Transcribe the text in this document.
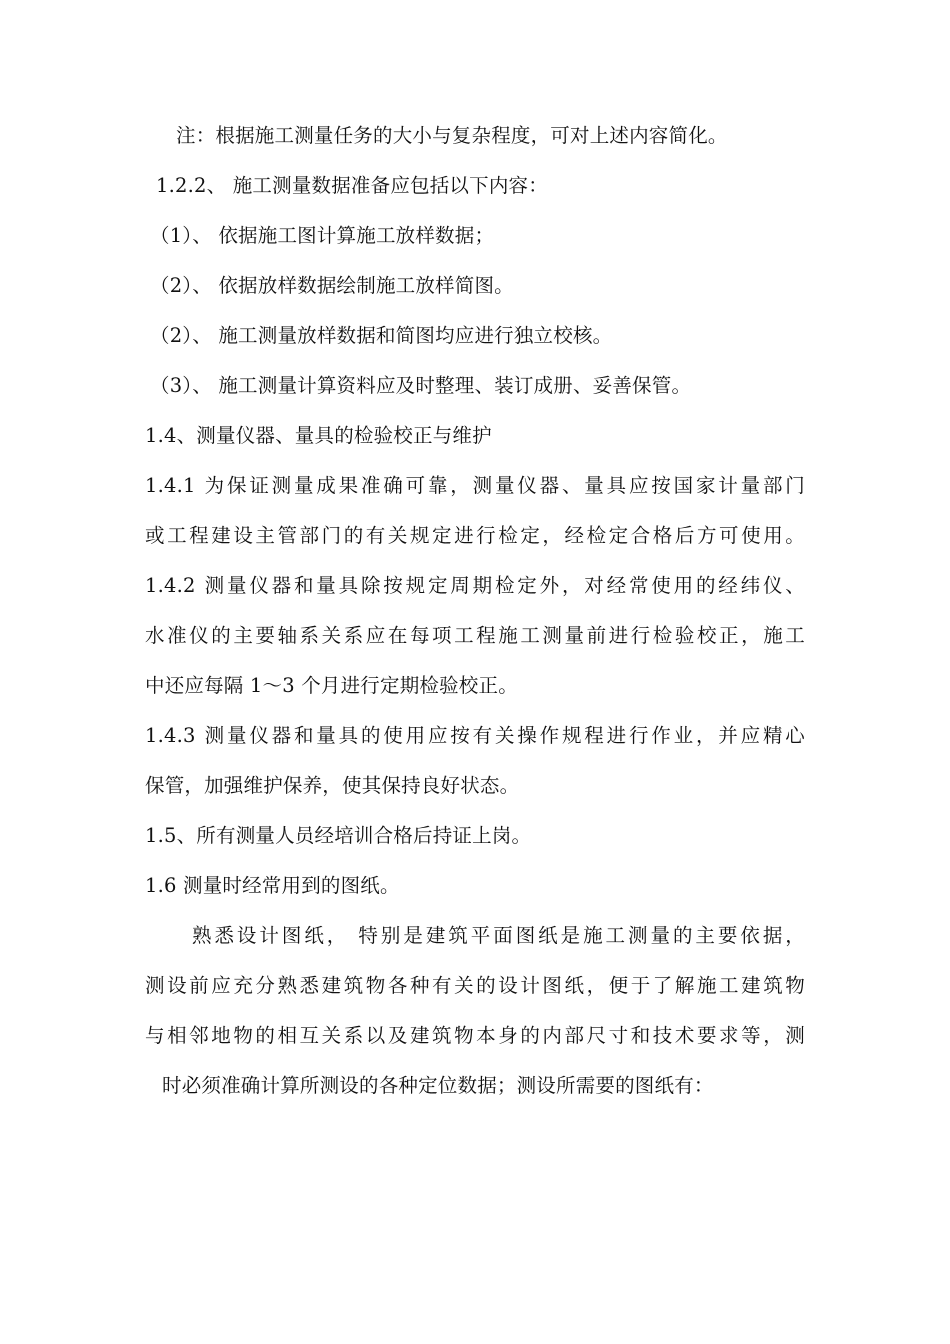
注：根据施工测量任务的大小与复杂程度，可对上述内容简化。
1.2.2、 施工测量数据准备应包括以下内容：
（1）、 依据施工图计算施工放样数据；
（2）、 依据放样数据绘制施工放样简图。
（2）、 施工测量放样数据和简图均应进行独立校核。
（3）、 施工测量计算资料应及时整理、装订成册、妥善保管。
1.4、测量仪器、量具的检验校正与维护
1.4.1 为保证测量成果准确可靠，测量仪器、量具应按国家计量部门
或工程建设主管部门的有关规定进行检定，经检定合格后方可使用。
1.4.2 测量仪器和量具除按规定周期检定外，对经常使用的经纬仪、
水准仪的主要轴系关系应在每项工程施工测量前进行检验校正，施工
中还应每隔 1～3 个月进行定期检验校正。
1.4.3 测量仪器和量具的使用应按有关操作规程进行作业，并应精心
保管，加强维护保养，使其保持良好状态。
1.5、所有测量人员经培训合格后持证上岗。
1.6 测量时经常用到的图纸。
熟悉设计图纸， 特别是建筑平面图纸是施工测量的主要依据，
测设前应充分熟悉建筑物各种有关的设计图纸，便于了解施工建筑物
与相邻地物的相互关系以及建筑物本身的内部尺寸和技术要求等，测
时必须准确计算所测设的各种定位数据；测设所需要的图纸有：
